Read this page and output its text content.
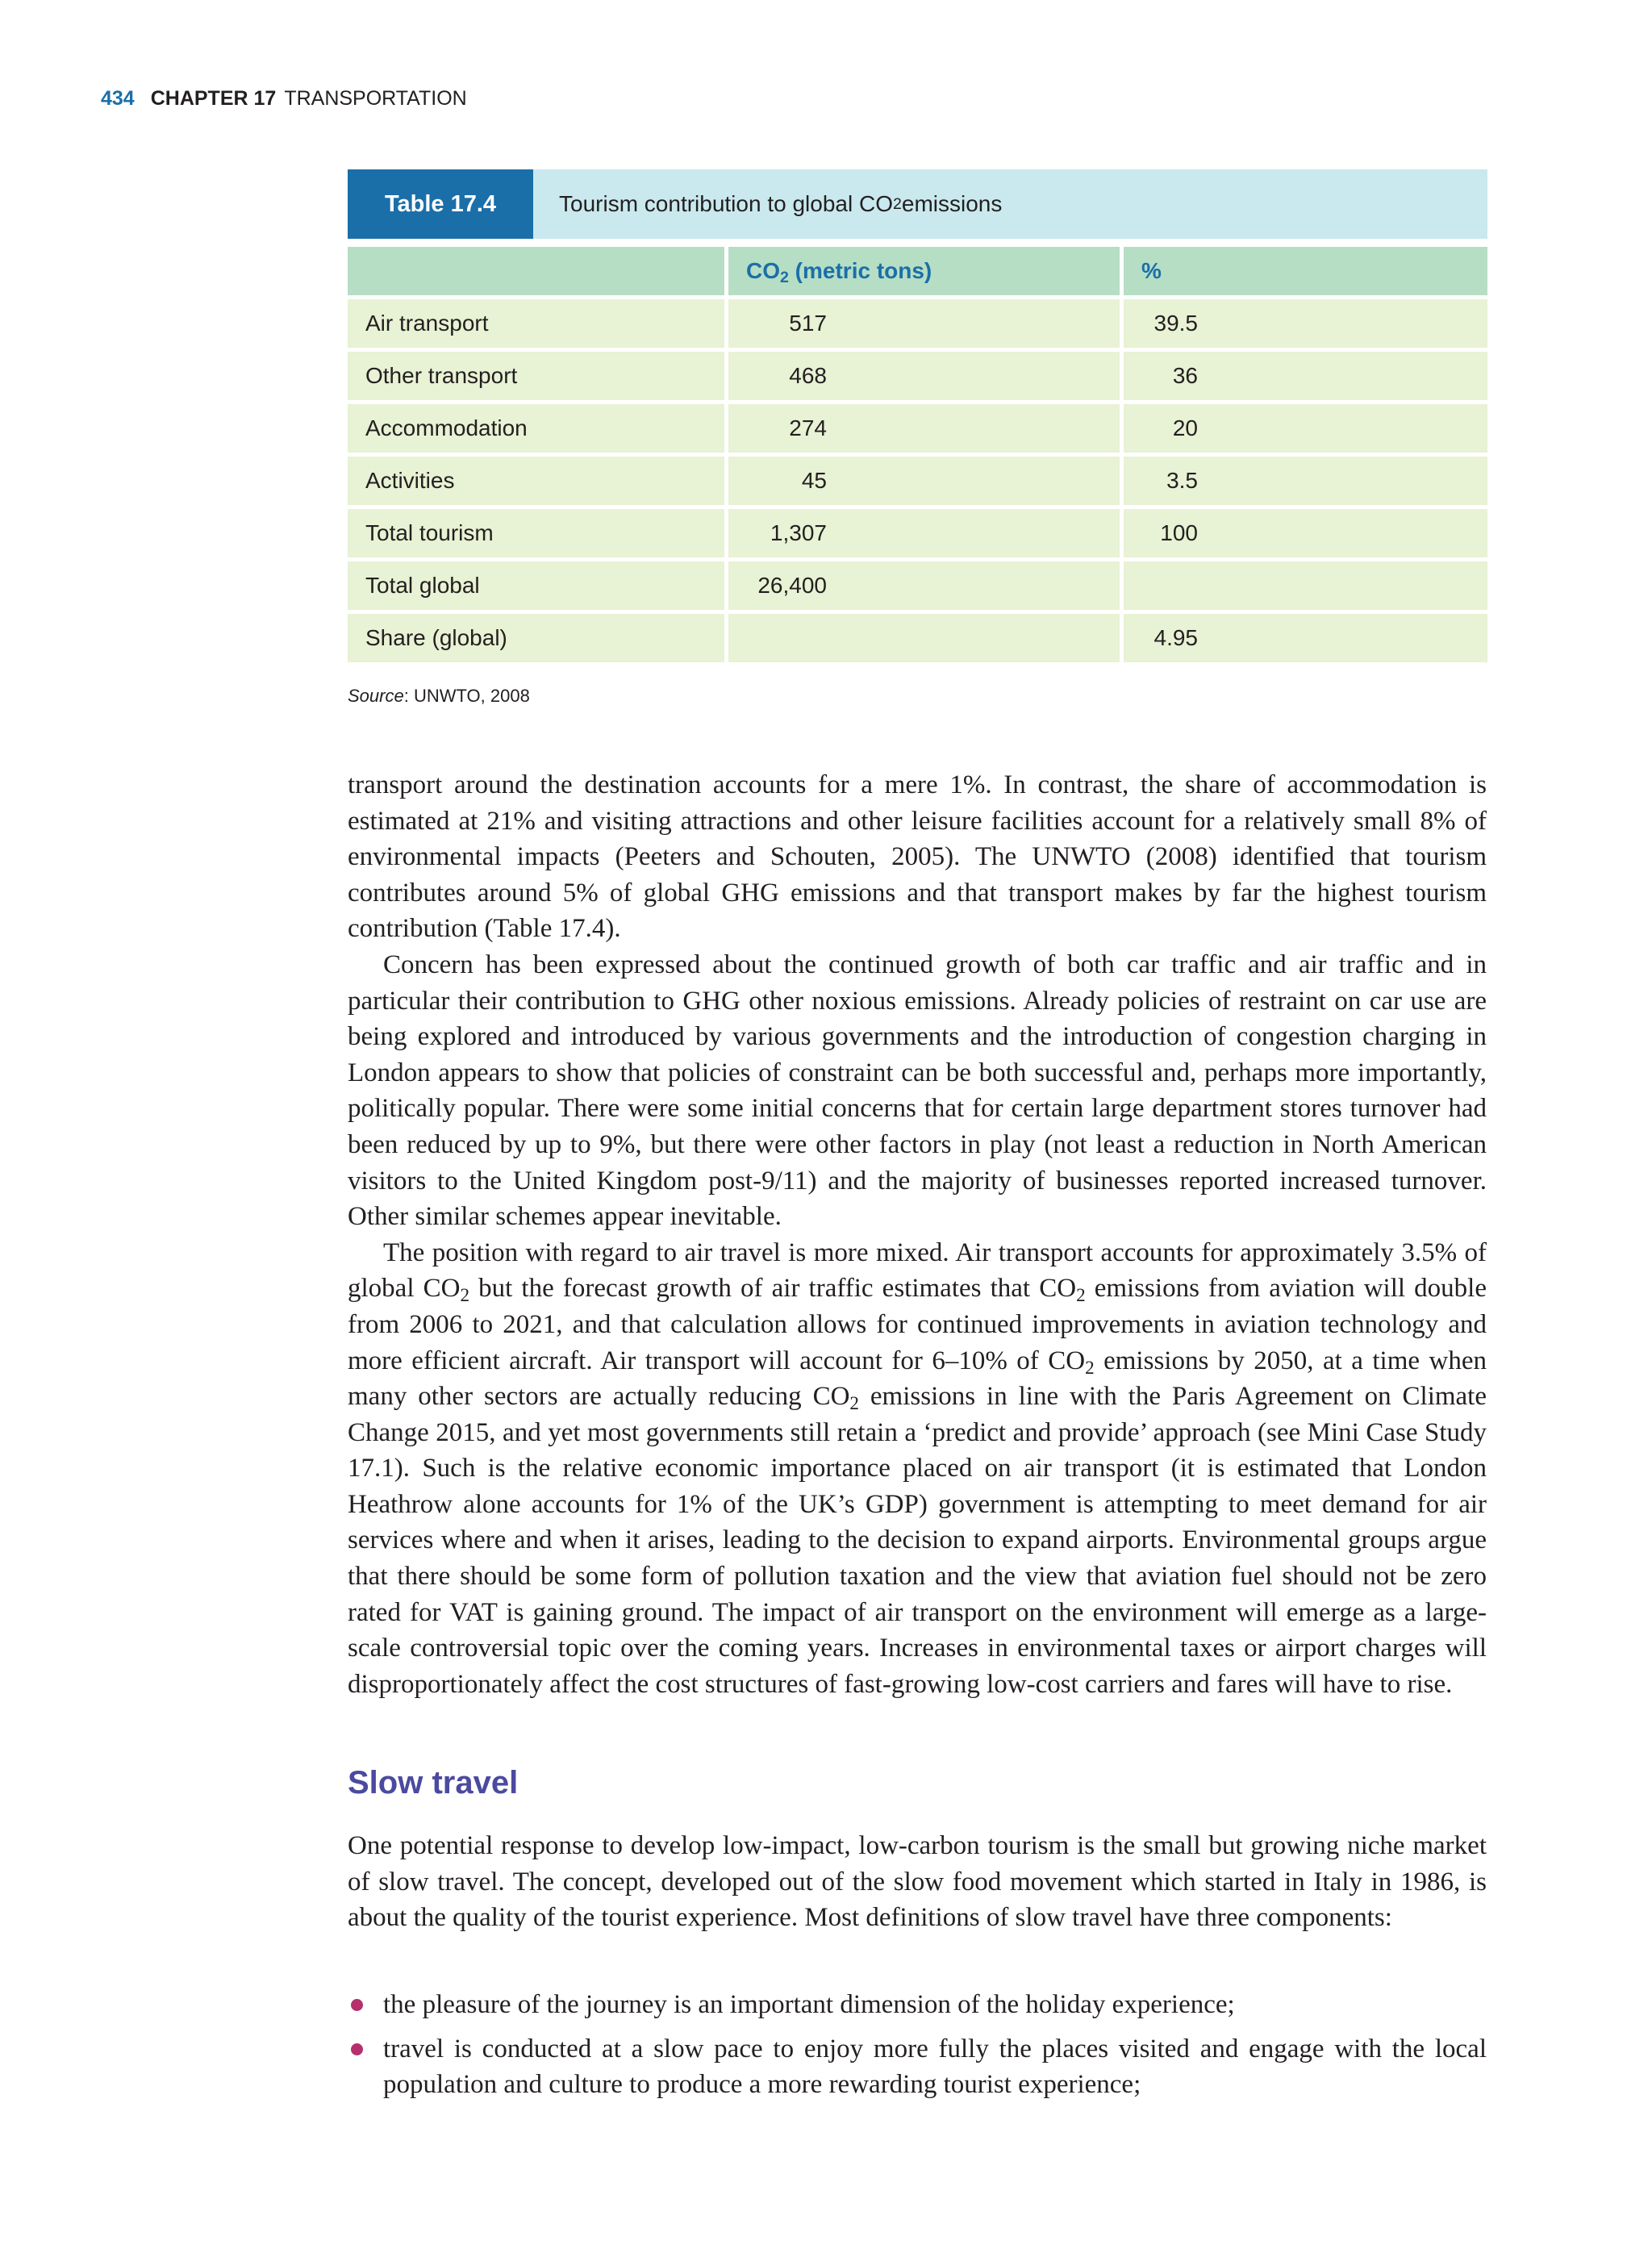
434 CHAPTER 17 TRANSPORTATION
Table 17.4	Tourism contribution to global CO 2 emissions
	$CO_2$ (metric tons)	%
Air transport	517	39.5
Other transport	468	36
Accommodation	274	20
Activities	45	3.5
Total tourism	1,307	100
Total global	26,400	
Share (global)		4.95
Source: UNWTO, 2008

transport around the destination accounts for a mere 1%. In contrast, the share of accommodation is estimated at 21% and visiting attractions and other leisure facilities account for a relatively small 8% of environmental impacts (Peeters and Schouten, 2005). The UNWTO (2008) identified that tourism contributes around 5% of global GHG emissions and that transport makes by far the highest tourism contribution (Table 17.4).

Concern has been expressed about the continued growth of both car traffic and air traffic and in particular their contribution to GHG other noxious emissions. Already policies of restraint on car use are being explored and introduced by various governments and the introduction of congestion charging in London appears to show that policies of constraint can be both successful and, perhaps more importantly, politically popular. There were some initial concerns that for certain large department stores turnover had been reduced by up to 9%, but there were other factors in play (not least a reduction in North American visitors to the United Kingdom post-9/11) and the majority of businesses reported increased turnover. Other similar schemes appear inevitable.

The position with regard to air travel is more mixed. Air transport accounts for approximately 3.5% of global $CO_2$ but the forecast growth of air traffic estimates that $CO_2$ emissions from aviation will double from 2006 to 2021, and that calculation allows for continued improvements in aviation technology and more efficient aircraft. Air transport will account for 6–10% of $CO_2$ emissions by 2050, at a time when many other sectors are actually reducing $CO_2$ emissions in line with the Paris Agreement on Climate Change 2015, and yet most governments still retain a ‘predict and provide’ approach (see Mini Case Study 17.1). Such is the relative economic importance placed on air transport (it is estimated that London Heathrow alone accounts for 1% of the UK’s GDP) government is attempting to meet demand for air services where and when it arises, leading to the decision to expand airports. Environmental groups argue that there should be some form of pollution taxation and the view that aviation fuel should not be zero rated for VAT is gaining ground. The impact of air transport on the environment will emerge as a large-scale controversial topic over the coming years. Increases in environmental taxes or airport charges will disproportionately affect the cost structures of fast-growing low-cost carriers and fares will have to rise.

Slow travel

One potential response to develop low-impact, low-carbon tourism is the small but growing niche market of slow travel. The concept, developed out of the slow food movement which started in Italy in 1986, is about the quality of the tourist experience. Most definitions of slow travel have three components:

the pleasure of the journey is an important dimension of the holiday experience;
travel is conducted at a slow pace to enjoy more fully the places visited and engage with the local population and culture to produce a more rewarding tourist experience;
